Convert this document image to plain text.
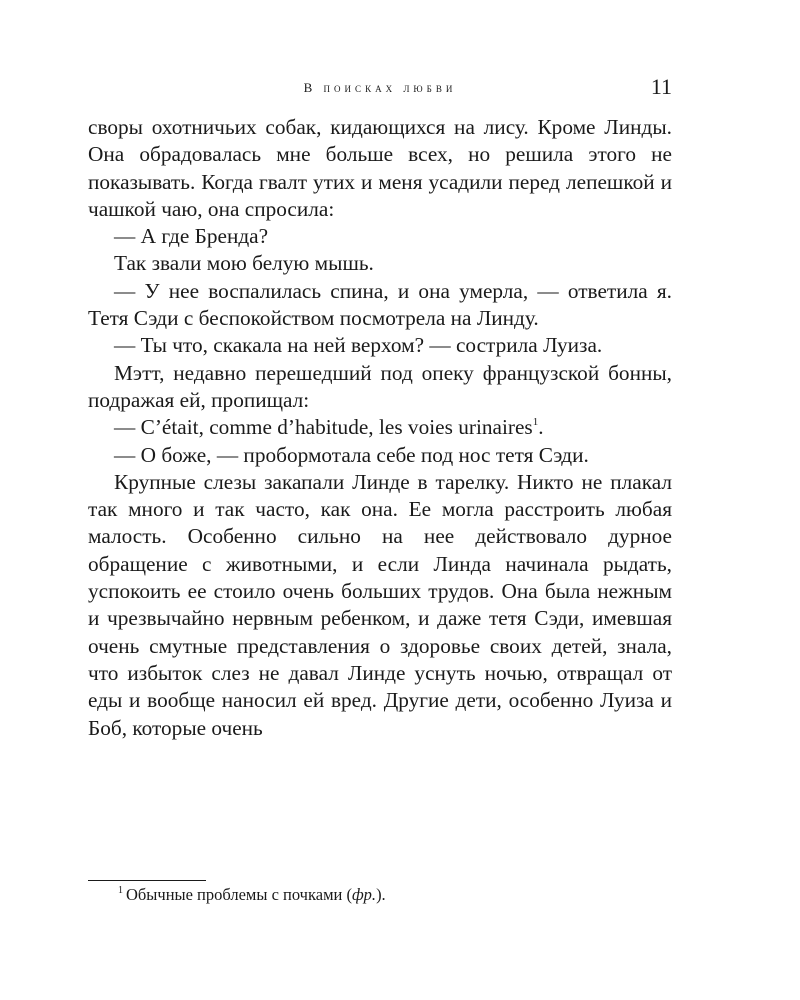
В поисках любви	11

своры охотничьих собак, кидающихся на лису. Кроме Линды. Она обрадовалась мне больше всех, но решила этого не показывать. Когда гвалт утих и меня усадили перед лепешкой и чашкой чаю, она спросила:

— А где Бренда?

Так звали мою белую мышь.

— У нее воспалилась спина, и она умерла, — ответила я. Тетя Сэди с беспокойством посмотрела на Линду.

— Ты что, скакала на ней верхом? — сострила Луиза.

Мэтт, недавно перешедший под опеку французской бонны, подражая ей, пропищал:

— C’était, comme d’habitude, les voies urinaires$^1$.

— О боже, — пробормотала себе под нос тетя Сэди.

Крупные слезы закапали Линде в тарелку. Никто не плакал так много и так часто, как она. Ее могла расстроить любая малость. Особенно сильно на нее действовало дурное обращение с животными, и если Линда начинала рыдать, успокоить ее стоило очень больших трудов. Она была нежным и чрезвычайно нервным ребенком, и даже тетя Сэди, имевшая очень смутные представления о здоровье своих детей, знала, что избыток слез не давал Линде уснуть ночью, отвращал от еды и вообще наносил ей вред. Другие дети, особенно Луиза и Боб, которые очень

$^1$ Обычные проблемы с почками (фр.).
